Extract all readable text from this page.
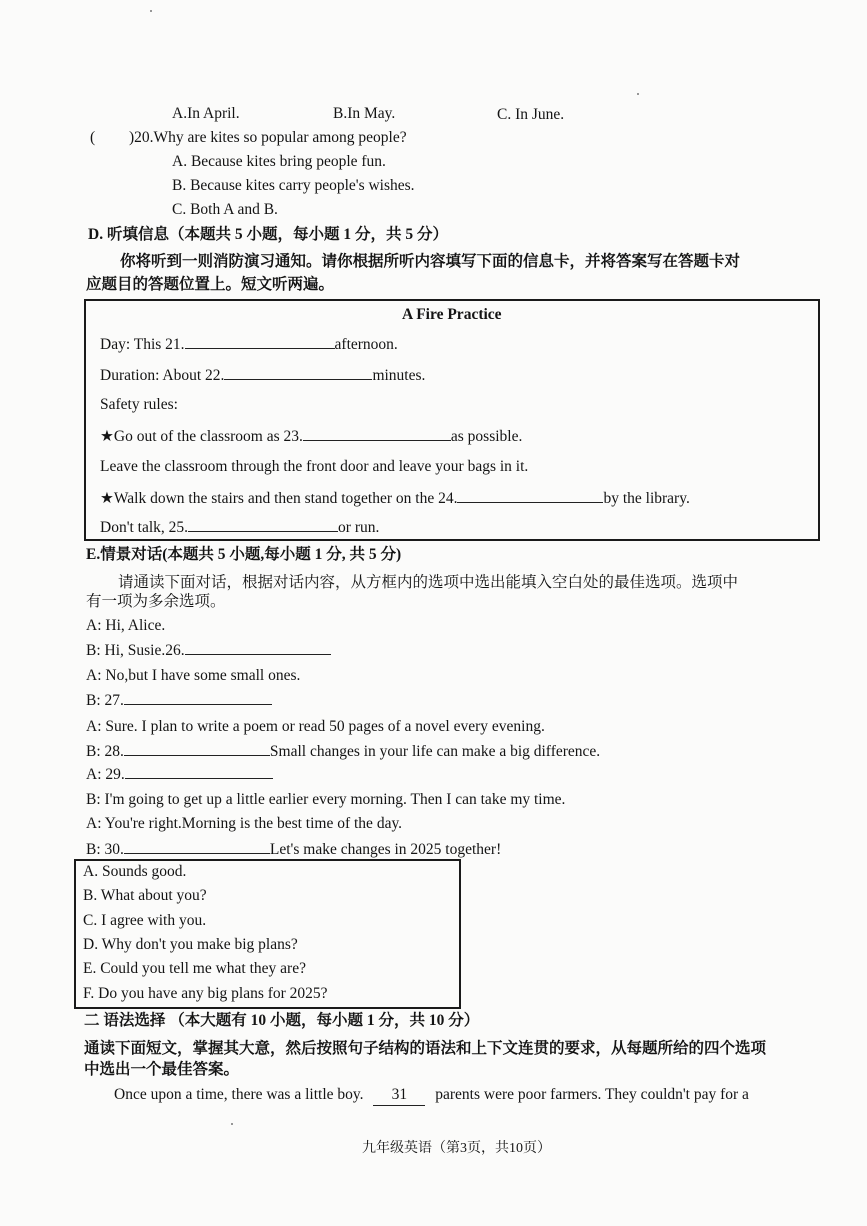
A.In April.	B.In May.	C. In June.
( )20.Why are kites so popular among people?
A. Because kites bring people fun.
B. Because kites carry people's wishes.
C. Both A and B.
D. 听填信息（本题共 5 小题，每小题 1 分，共 5 分）
你将听到一则消防演习通知。请你根据所听内容填写下面的信息卡，并将答案写在答题卡对
应题目的答题位置上。短文听两遍。
A Fire Practice
Day: This 21.	afternoon.
Duration: About 22.	minutes.
Safety rules:
★Go out of the classroom as 23.	as possible.
Leave the classroom through the front door and leave your bags in it.
★Walk down the stairs and then stand together on the 24.	by the library.
Don't talk, 25.	or run.
E.情景对话(本题共 5 小题,每小题 1 分, 共 5 分)
请通读下面对话，根据对话内容，从方框内的选项中选出能填入空白处的最佳选项。选项中
有一项为多余选项。
A: Hi, Alice.
B: Hi, Susie.26.
A: No,but I have some small ones.
B: 27.
A: Sure. I plan to write a poem or read 50 pages of a novel every evening.
B: 28.	Small changes in your life can make a big difference.
A: 29.
B: I'm going to get up a little earlier every morning. Then I can take my time.
A: You're right.Morning is the best time of the day.
B: 30.	Let's make changes in 2025 together!
A. Sounds good.
B. What about you?
C. I agree with you.
D. Why don't you make big plans?
E. Could you tell me what they are?
F. Do you have any big plans for 2025?
二 语法选择 （本大题有 10 小题，每小题 1 分，共 10 分）
通读下面短文，掌握其大意，然后按照句子结构的语法和上下文连贯的要求，从每题所给的四个选项
中选出一个最佳答案。
Once upon a time, there was a little boy. 31 parents were poor farmers. They couldn't pay for a
九年级英语（第3页，共10页）
